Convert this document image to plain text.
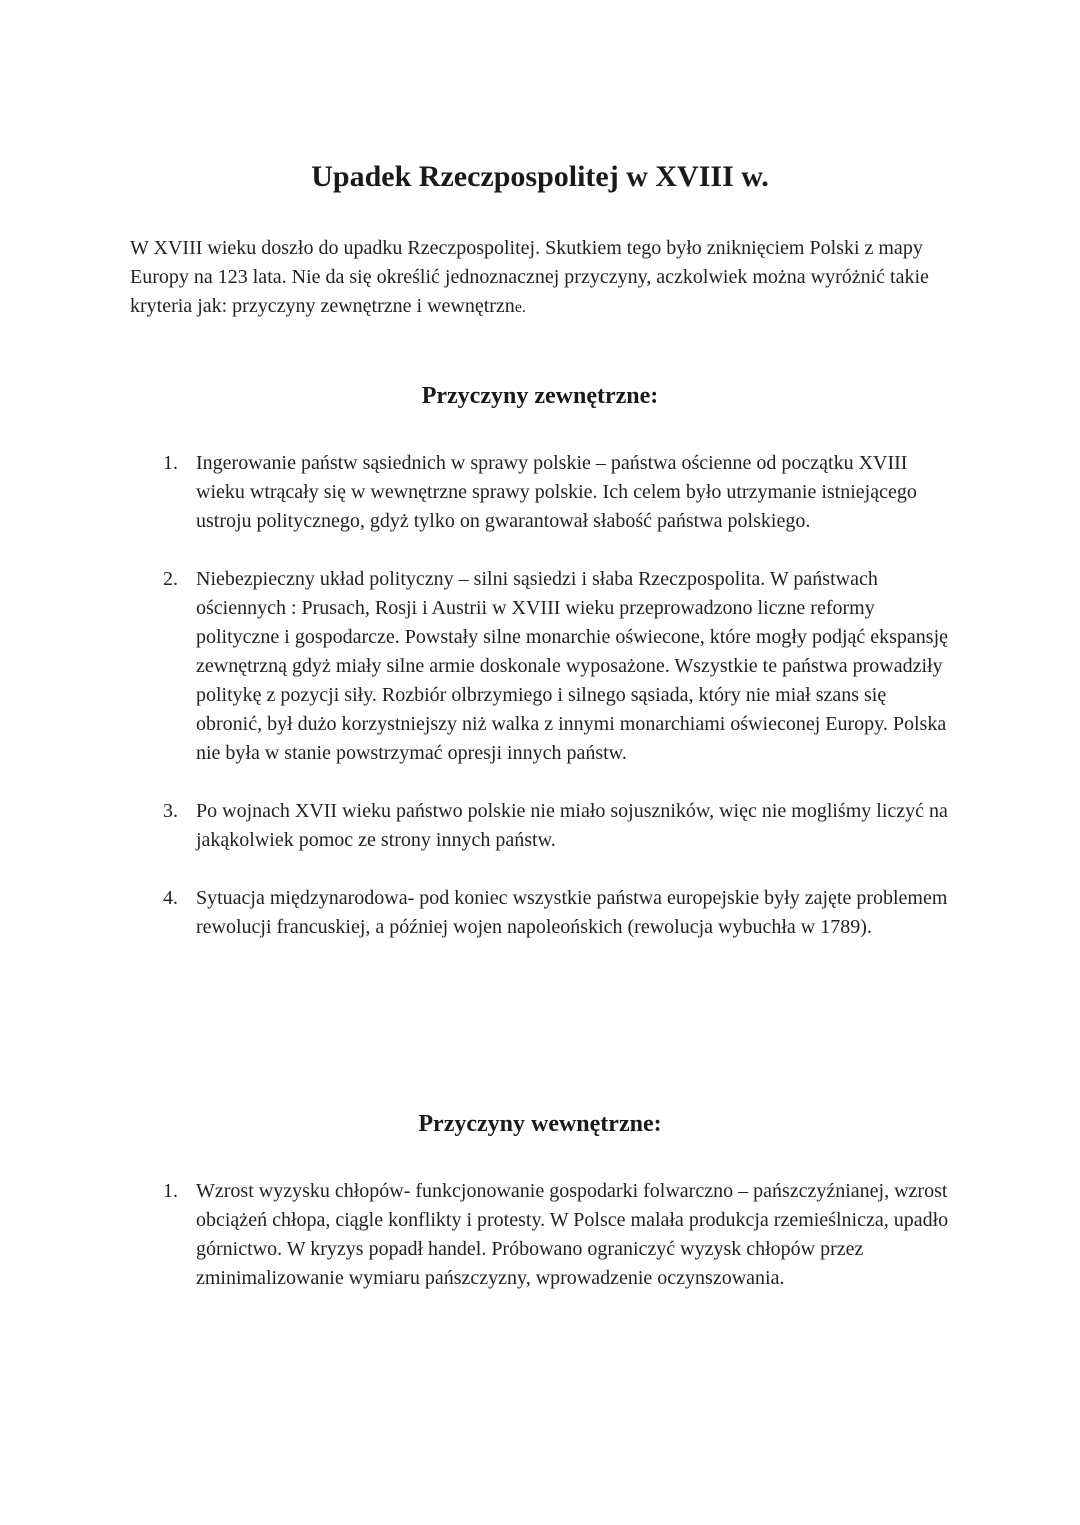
Upadek Rzeczpospolitej w XVIII w.

W XVIII wieku doszło do upadku Rzeczpospolitej. Skutkiem tego było zniknięciem Polski z mapy Europy na 123 lata. Nie da się określić jednoznacznej przyczyny, aczkolwiek można wyróżnić takie kryteria jak: przyczyny zewnętrzne i wewnętrzne.

Przyczyny zewnętrzne:
1. Ingerowanie państw sąsiednich w sprawy polskie – państwa ościenne od początku XVIII wieku wtrącały się w wewnętrzne sprawy polskie. Ich celem było utrzymanie istniejącego ustroju politycznego, gdyż tylko on gwarantował słabość państwa polskiego.
2. Niebezpieczny układ polityczny – silni sąsiedzi i słaba Rzeczpospolita. W państwach ościennych : Prusach, Rosji i Austrii w XVIII wieku przeprowadzono liczne reformy polityczne i gospodarcze. Powstały silne monarchie oświecone, które mogły podjąć ekspansję zewnętrzną gdyż miały silne armie doskonale wyposażone. Wszystkie te państwa prowadziły politykę z pozycji siły. Rozbiór olbrzymiego i silnego sąsiada, który nie miał szans się obronić, był dużo korzystniejszy niż walka z innymi monarchiami oświeconej Europy. Polska nie była w stanie powstrzymać opresji innych państw.
3. Po wojnach XVII wieku państwo polskie nie miało sojuszników, więc nie mogliśmy liczyć na jakąkolwiek pomoc ze strony innych państw.
4. Sytuacja międzynarodowa- pod koniec wszystkie państwa europejskie były zajęte problemem rewolucji francuskiej, a później wojen napoleońskich (rewolucja wybuchła w 1789).
Przyczyny wewnętrzne:
1. Wzrost wyzysku chłopów- funkcjonowanie gospodarki folwarczno – pańszczyźnianej, wzrost obciążeń chłopa, ciągle konflikty i protesty. W Polsce malała produkcja rzemieślnicza, upadło górnictwo. W kryzys popadł handel. Próbowano ograniczyć wyzysk chłopów przez zminimalizowanie wymiaru pańszczyzny, wprowadzenie oczynszowania.
